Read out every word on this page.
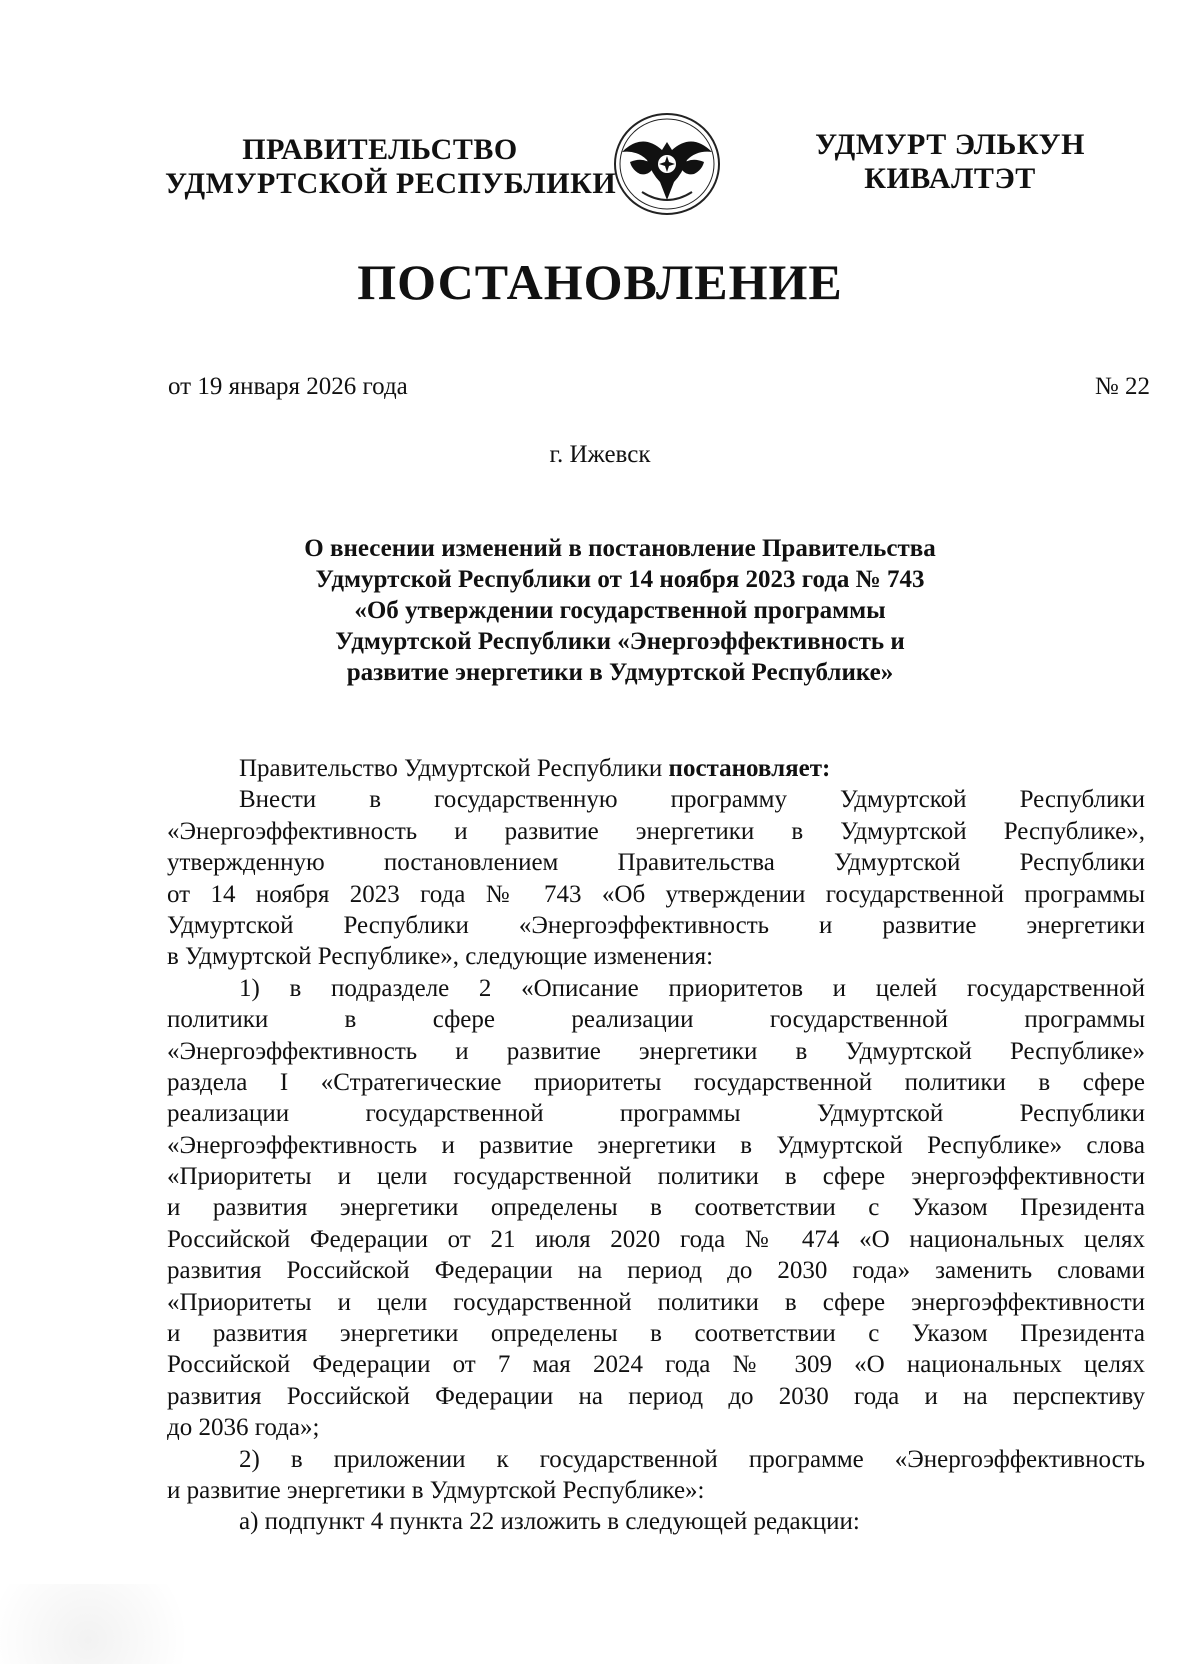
ПРАВИТЕЛЬСТВО
УДМУРТСКОЙ РЕСПУБЛИКИ
УДМУРТ ЭЛЬКУН
КИВАЛТЭТ
ПОСТАНОВЛЕНИЕ
от 19 января 2026 года	№ 22
г. Ижевск
О внесении изменений в постановление Правительства
Удмуртской Республики от 14 ноября 2023 года № 743
«Об утверждении государственной программы
Удмуртской Республики «Энергоэффективность и
развитие энергетики в Удмуртской Республике»
Правительство Удмуртской Республики постановляет:
Внести в государственную программу Удмуртской Республики
«Энергоэффективность и развитие энергетики в Удмуртской Республике»,
утвержденную постановлением Правительства Удмуртской Республики
от 14 ноября 2023 года № 743 «Об утверждении государственной программы
Удмуртской Республики «Энергоэффективность и развитие энергетики
в Удмуртской Республике», следующие изменения:
1) в подразделе 2 «Описание приоритетов и целей государственной
политики в сфере реализации государственной программы
«Энергоэффективность и развитие энергетики в Удмуртской Республике»
раздела I «Стратегические приоритеты государственной политики в сфере
реализации государственной программы Удмуртской Республики
«Энергоэффективность и развитие энергетики в Удмуртской Республике» слова
«Приоритеты и цели государственной политики в сфере энергоэффективности
и развития энергетики определены в соответствии с Указом Президента
Российской Федерации от 21 июля 2020 года № 474 «О национальных целях
развития Российской Федерации на период до 2030 года» заменить словами
«Приоритеты и цели государственной политики в сфере энергоэффективности
и развития энергетики определены в соответствии с Указом Президента
Российской Федерации от 7 мая 2024 года № 309 «О национальных целях
развития Российской Федерации на период до 2030 года и на перспективу
до 2036 года»;
2) в приложении к государственной программе «Энергоэффективность
и развитие энергетики в Удмуртской Республике»:
а) подпункт 4 пункта 22 изложить в следующей редакции:
